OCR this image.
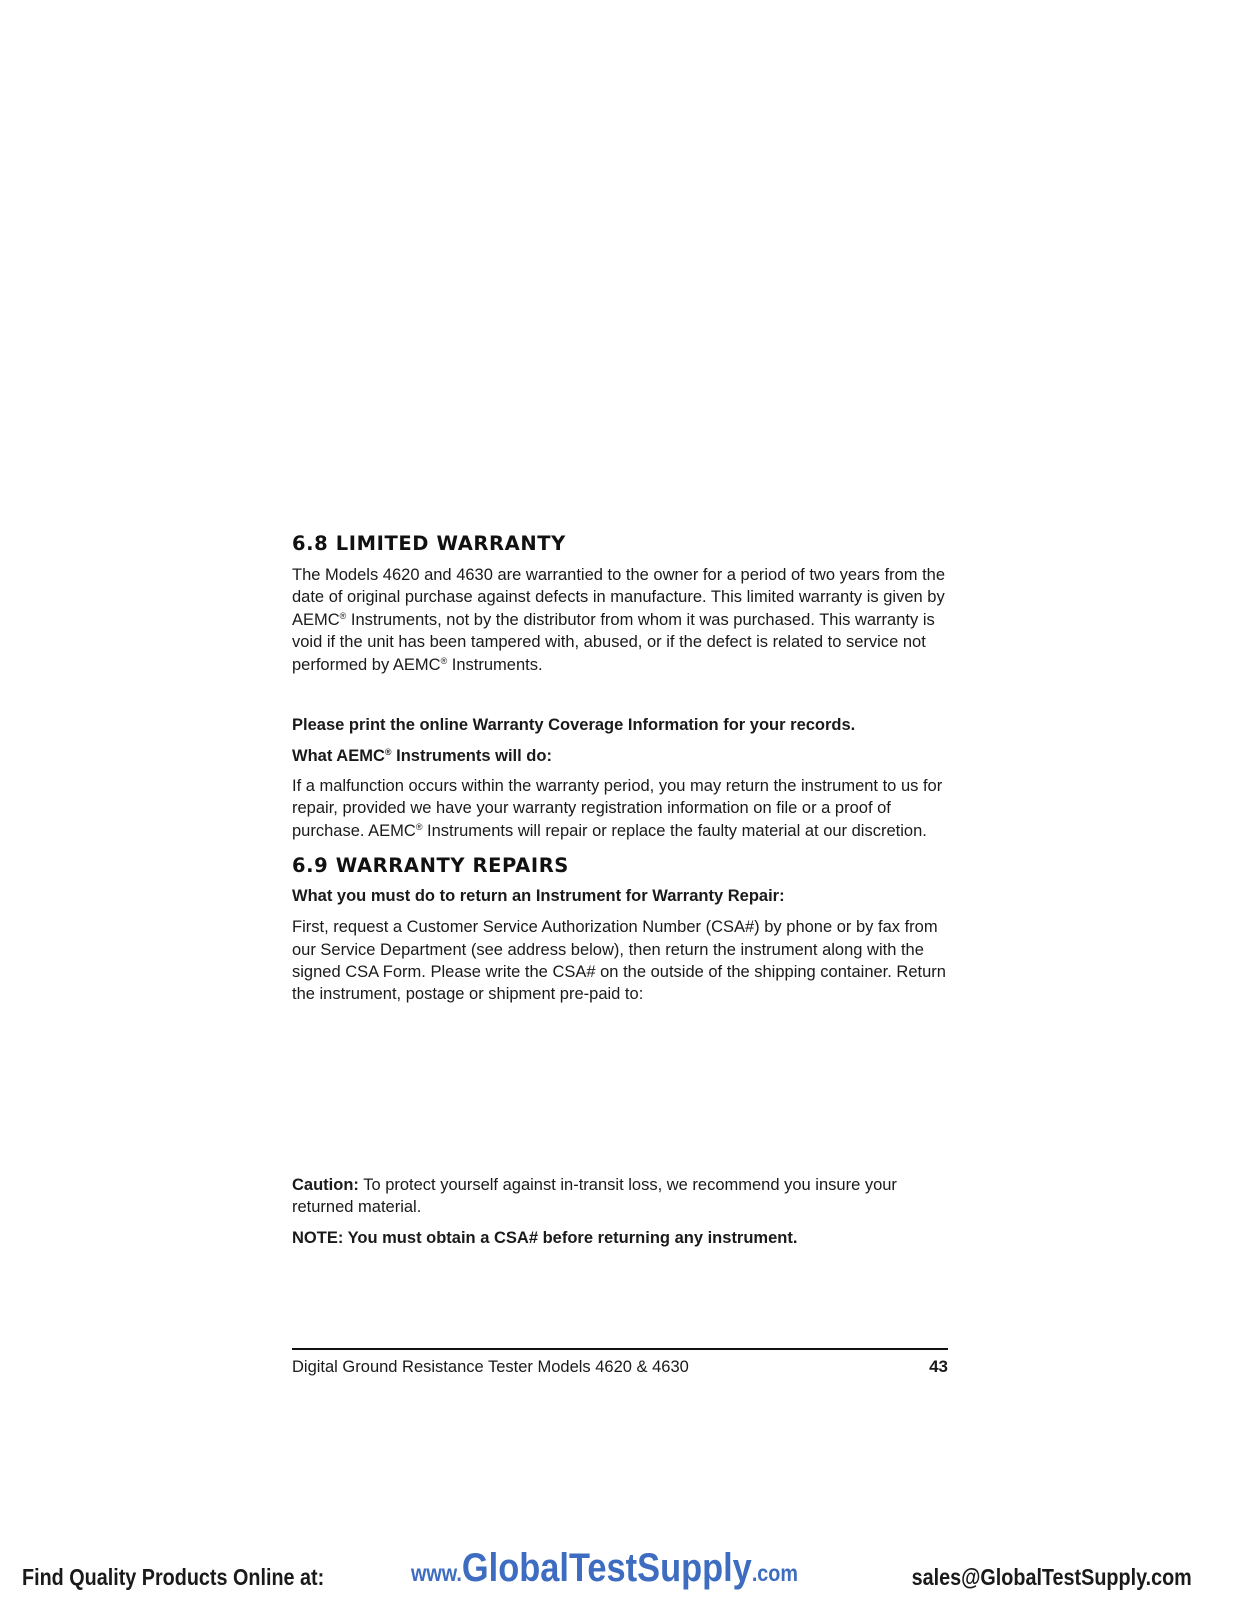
6.8 LIMITED WARRANTY

The Models 4620 and 4630 are warrantied to the owner for a period of two years from the date of original purchase against defects in manufacture. This limited warranty is given by AEMC® Instruments, not by the distributor from whom it was purchased. This warranty is void if the unit has been tampered with, abused, or if the defect is related to service not performed by AEMC® Instruments.

Please print the online Warranty Coverage Information for your records.

What AEMC® Instruments will do:

If a malfunction occurs within the warranty period, you may return the instrument to us for repair, provided we have your warranty registration information on file or a proof of purchase. AEMC® Instruments will repair or replace the faulty material at our discretion.

6.9 WARRANTY REPAIRS

What you must do to return an Instrument for Warranty Repair:

First, request a Customer Service Authorization Number (CSA#) by phone or by fax from our Service Department (see address below), then return the instrument along with the signed CSA Form. Please write the CSA# on the outside of the shipping container. Return the instrument, postage or shipment pre-paid to:

Caution: To protect yourself against in-transit loss, we recommend you insure your returned material.

NOTE: You must obtain a CSA# before returning any instrument.

Digital Ground Resistance Tester Models 4620 & 4630	43
Find Quality Products Online at:	www.GlobalTestSupply.com	sales@GlobalTestSupply.com
